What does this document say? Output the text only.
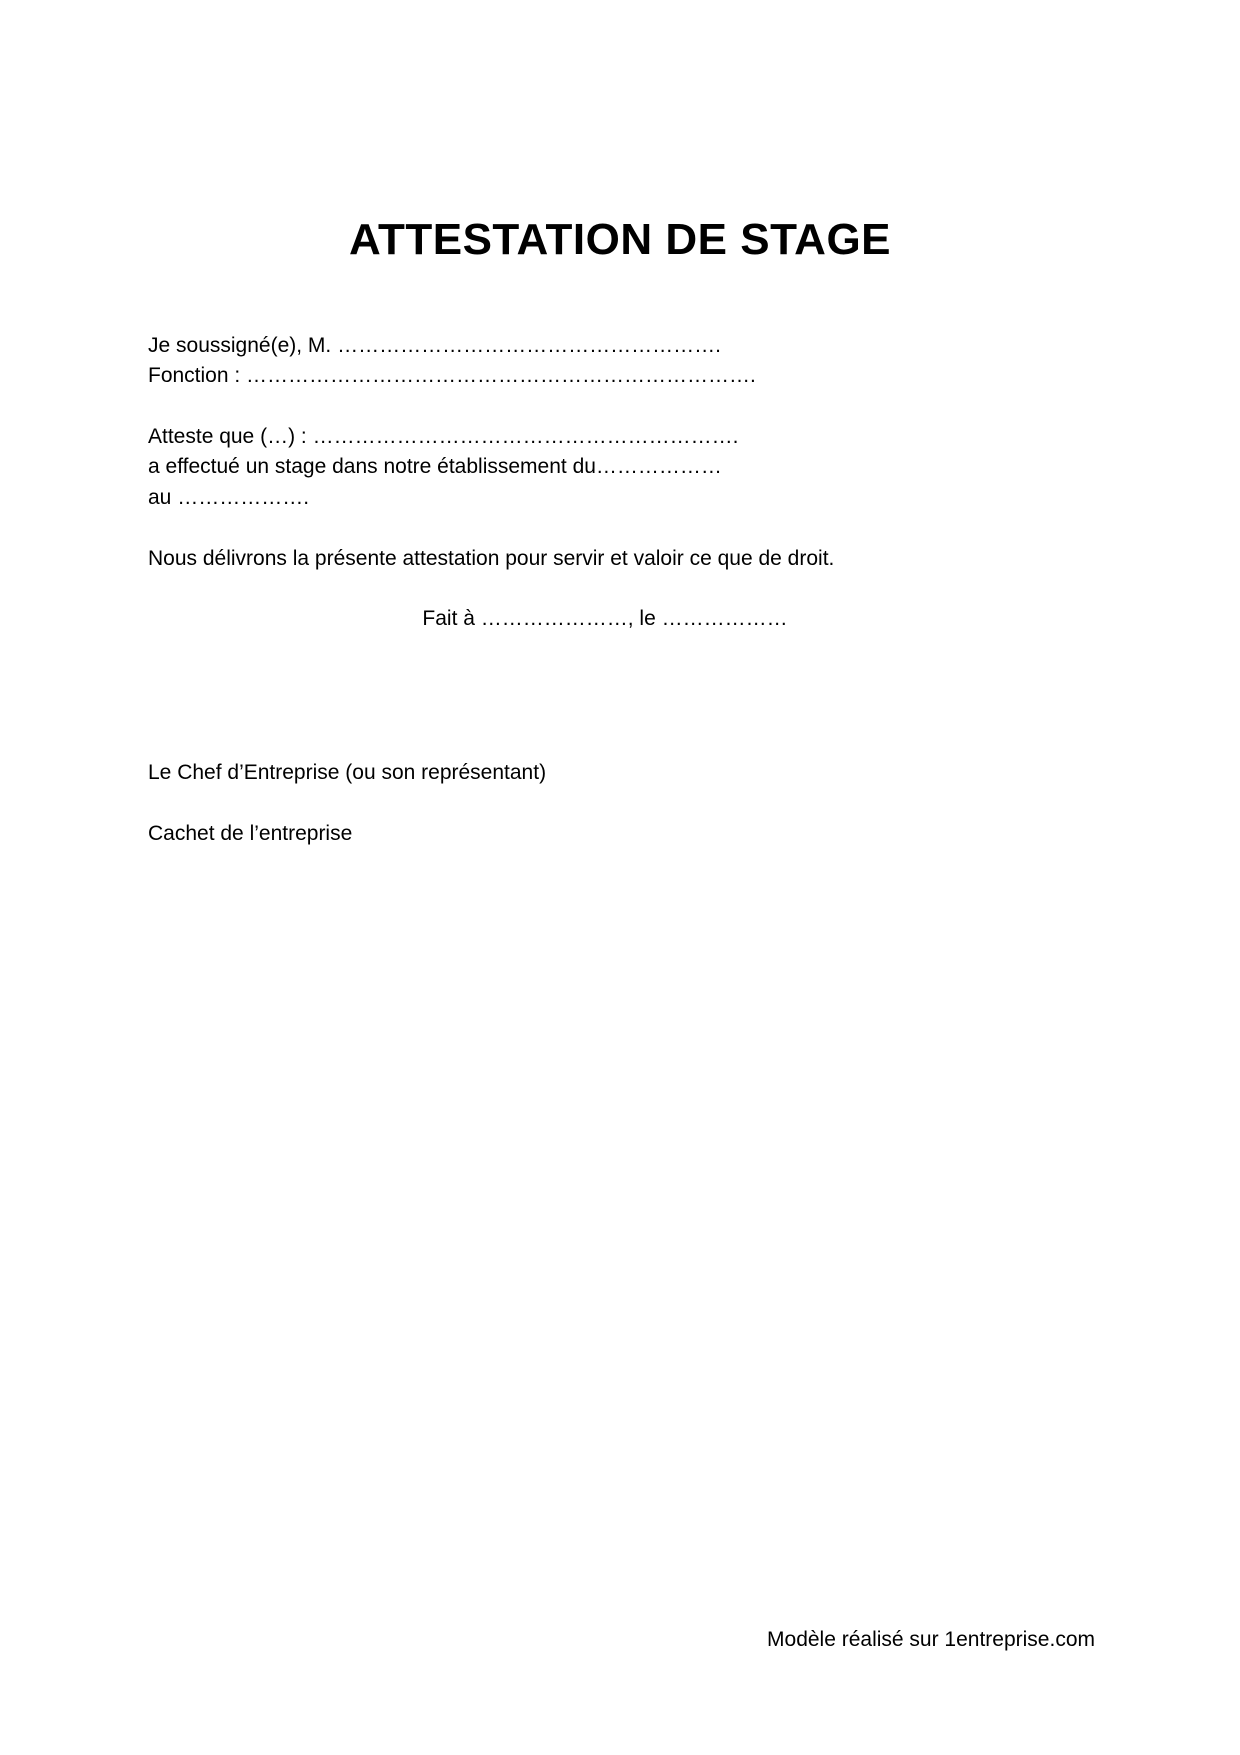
ATTESTATION DE STAGE
Je soussigné(e), M. ……………………………………………….
Fonction : ……………………………………………………………….
Atteste que (…) : …………………………………………………….
a effectué un stage dans notre établissement du………………
au ……………….
Nous délivrons la présente attestation pour servir et valoir ce que de droit.
Fait à …………………, le ………………
Le Chef d’Entreprise (ou son représentant)
Cachet de l’entreprise
Modèle réalisé sur 1entreprise.com
